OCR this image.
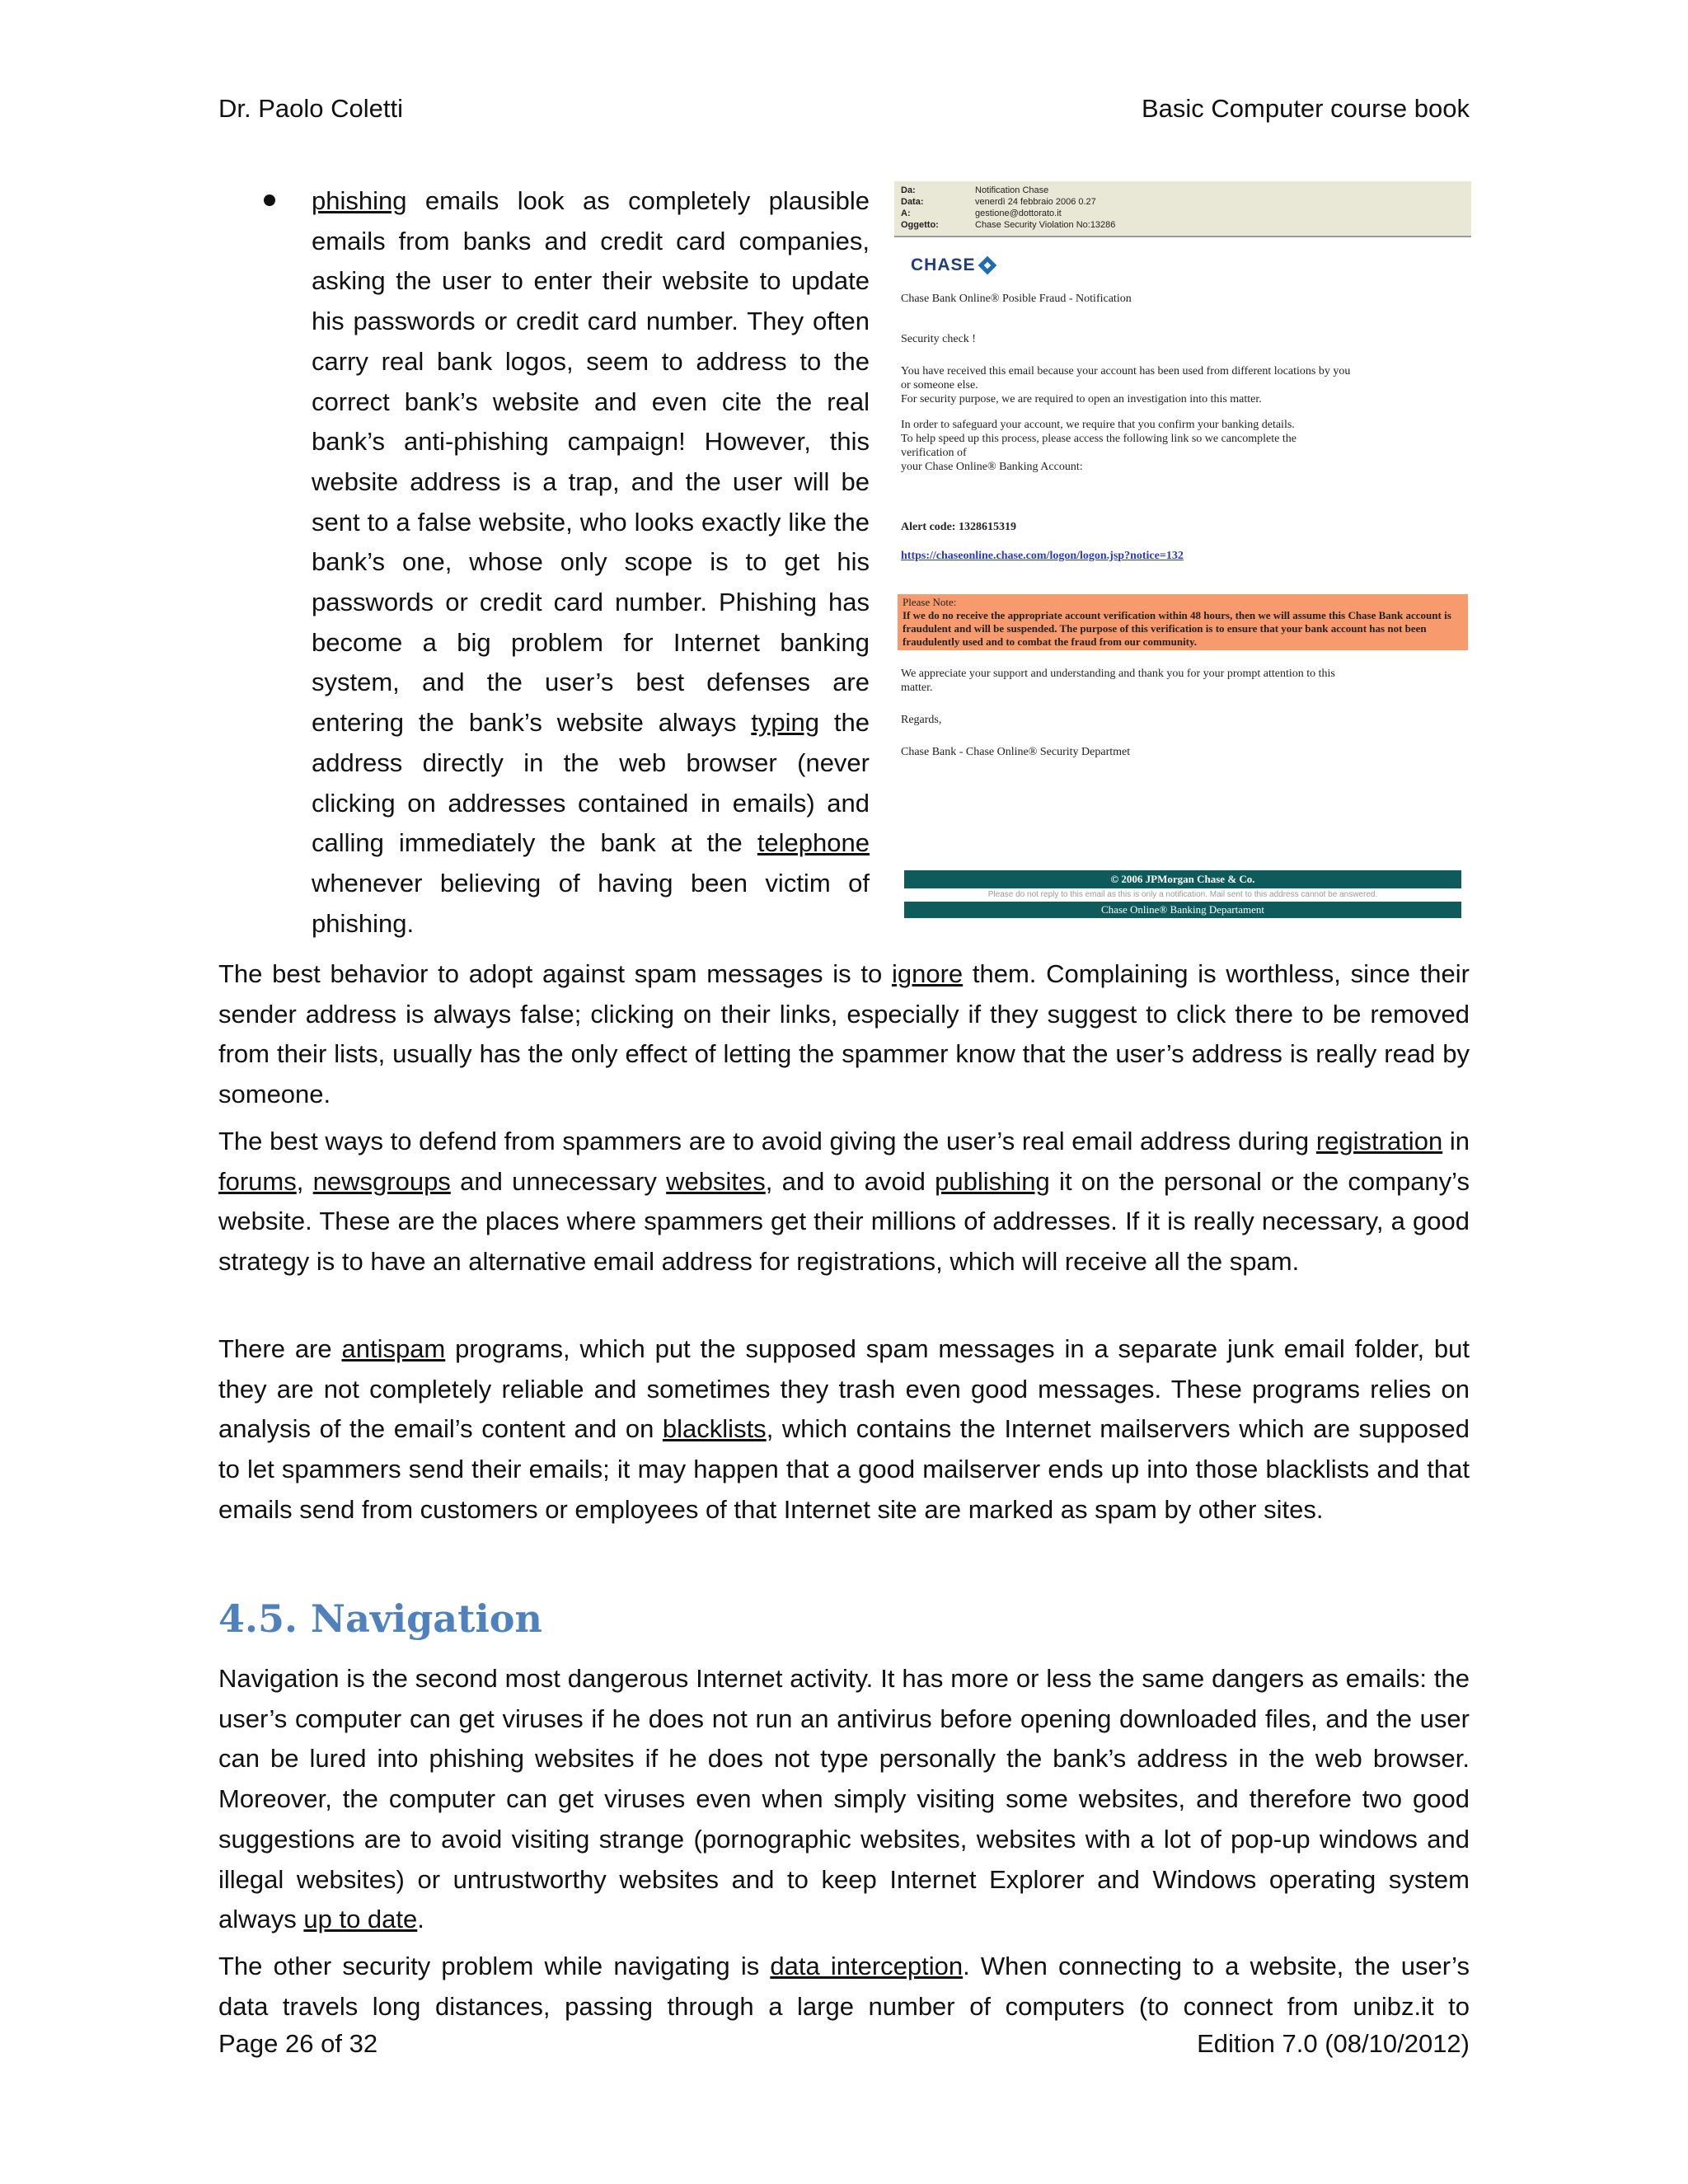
Dr. Paolo Coletti	Basic Computer course book
phishing emails look as completely plausible emails from banks and credit card companies, asking the user to enter their website to update his passwords or credit card number. They often carry real bank logos, seem to address to the correct bank’s website and even cite the real bank’s anti-phishing campaign! However, this website address is a trap, and the user will be sent to a false website, who looks exactly like the bank’s one, whose only scope is to get his passwords or credit card number. Phishing has become a big problem for Internet banking system, and the user’s best defenses are entering the bank’s website always typing the address directly in the web browser (never clicking on addresses contained in emails) and calling immediately the bank at the telephone whenever believing of having been victim of phishing.
Da:	Notification Chase
Data:	venerdì 24 febbraio 2006 0.27
A:	gestione@dottorato.it
Oggetto:	Chase Security Violation No:13286
CHASE
Chase Bank Online® Posible Fraud - Notification
Security check !
You have received this email because your account has been used from different locations by you
or someone else.
For security purpose, we are required to open an investigation into this matter.
In order to safeguard your account, we require that you confirm your banking details.
To help speed up this process, please access the following link so we cancomplete the
verification of
your Chase Online® Banking Account:
Alert code: 1328615319
https://chaseonline.chase.com/logon/logon.jsp?notice=132
Please Note:
If we do no receive the appropriate account verification within 48 hours, then we will assume this Chase Bank account is fraudulent and will be suspended. The purpose of this verification is to ensure that your bank account has not been fraudulently used and to combat the fraud from our community.
We appreciate your support and understanding and thank you for your prompt attention to this
matter.
Regards,
Chase Bank - Chase Online® Security Departmet
© 2006 JPMorgan Chase & Co.
Please do not reply to this email as this is only a notification. Mail sent to this address cannot be answered.
Chase Online® Banking Departament

The best behavior to adopt against spam messages is to ignore them. Complaining is worthless, since their sender address is always false; clicking on their links, especially if they suggest to click there to be removed from their lists, usually has the only effect of letting the spammer know that the user’s address is really read by someone.

The best ways to defend from spammers are to avoid giving the user’s real email address during registration in forums, newsgroups and unnecessary websites, and to avoid publishing it on the personal or the company’s website. These are the places where spammers get their millions of addresses. If it is really necessary, a good strategy is to have an alternative email address for registrations, which will receive all the spam.

There are antispam programs, which put the supposed spam messages in a separate junk email folder, but they are not completely reliable and sometimes they trash even good messages. These programs relies on analysis of the email’s content and on blacklists, which contains the Internet mailservers which are supposed to let spammers send their emails; it may happen that a good mailserver ends up into those blacklists and that emails send from customers or employees of that Internet site are marked as spam by other sites.

4.5. Navigation

Navigation is the second most dangerous Internet activity. It has more or less the same dangers as emails: the user’s computer can get viruses if he does not run an antivirus before opening downloaded files, and the user can be lured into phishing websites if he does not type personally the bank’s address in the web browser. Moreover, the computer can get viruses even when simply visiting some websites, and therefore two good suggestions are to avoid visiting strange (pornographic websites, websites with a lot of pop-up windows and illegal websites) or untrustworthy websites and to keep Internet Explorer and Windows operating system always up to date.

The other security problem while navigating is data interception. When connecting to a website, the user’s data travels long distances, passing through a large number of computers (to connect from unibz.it to

Page 26 of 32	Edition 7.0 (08/10/2012)
